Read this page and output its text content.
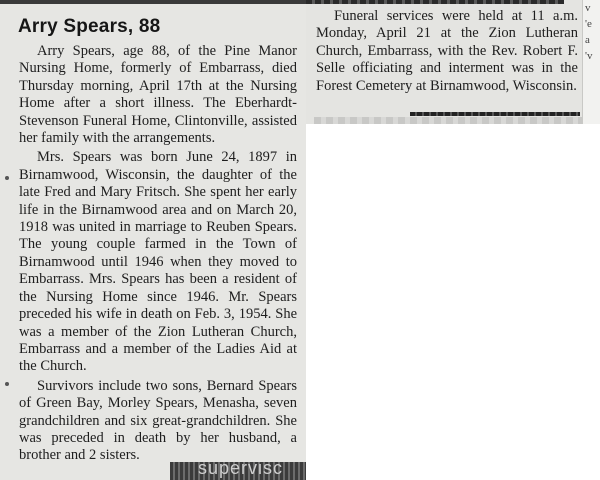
Arry Spears, 88

Arry Spears, age 88, of the Pine Manor Nursing Home, formerly of Embarrass, died Thursday morning, April 17th at the Nursing Home after a short illness. The Eberhardt-Stevenson Funeral Home, Clintonville, assisted her family with the arrangements.

Mrs. Spears was born June 24, 1897 in Birnamwood, Wisconsin, the daughter of the late Fred and Mary Fritsch. She spent her early life in the Birnamwood area and on March 20, 1918 was united in marriage to Reuben Spears. The young couple farmed in the Town of Birnamwood until 1946 when they moved to Embarrass. Mrs. Spears has been a resident of the Nursing Home since 1946. Mr. Spears preceded his wife in death on Feb. 3, 1954. She was a member of the Zion Lutheran Church, Embarrass and a member of the Ladies Aid at the Church.

Survivors include two sons, Bernard Spears of Green Bay, Morley Spears, Menasha, seven grandchildren and six great-grandchildren. She was preceded in death by her husband, a brother and 2 sisters.

supervisc

Funeral services were held at 11 a.m. Monday, April 21 at the Zion Lutheran Church, Embarrass, with the Rev. Robert F. Selle officiating and interment was in the Forest Cemetery at Birnamwood, Wisconsin.

v
'e
a
'v
